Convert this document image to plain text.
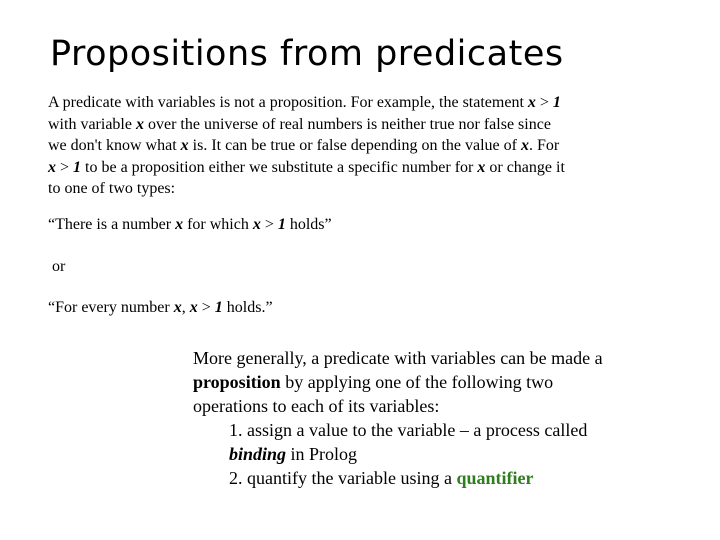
Propositions from predicates
A predicate with variables is not a proposition. For example, the statement x > 1 with variable x over the universe of real numbers is neither true nor false since we don't know what x is. It can be true or false depending on the value of x. For x > 1 to be a proposition either we substitute a specific number for x or change it to one of two types:
“There is a number x for which x > 1 holds”
or
“For every number x, x > 1 holds.”
More generally, a predicate with variables can be made a
proposition by applying one of the following two
operations to each of its variables:
1. assign a value to the variable – a process called
binding in Prolog
2. quantify the variable using a quantifier
